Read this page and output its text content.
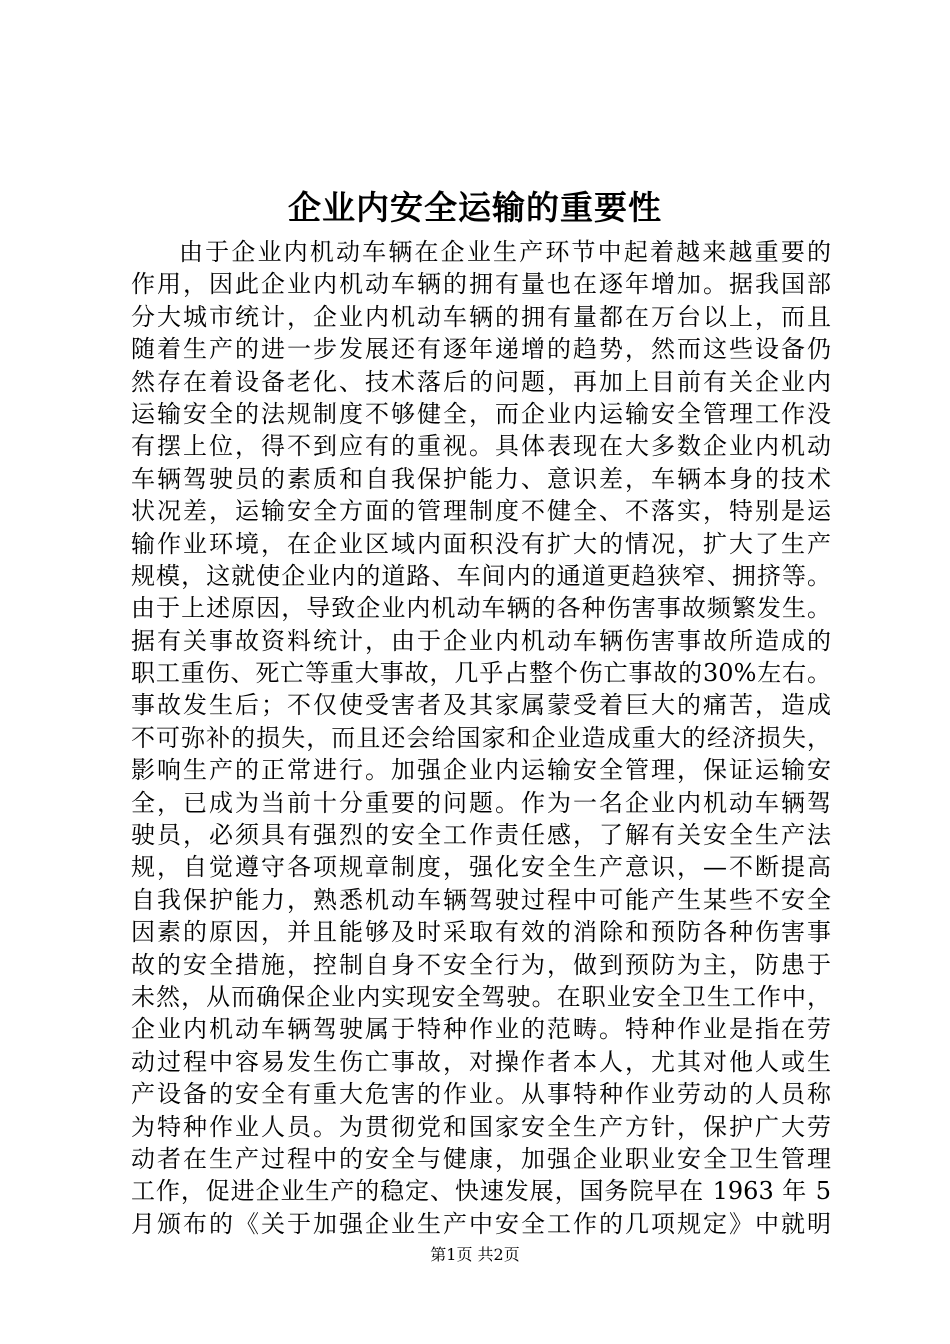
企业内安全运输的重要性
由于企业内机动车辆在企业生产环节中起着越来越重要的
作用，因此企业内机动车辆的拥有量也在逐年增加。据我国部
分大城市统计，企业内机动车辆的拥有量都在万台以上，而且
随着生产的进一步发展还有逐年递增的趋势，然而这些设备仍
然存在着设备老化、技术落后的问题，再加上目前有关企业内
运输安全的法规制度不够健全，而企业内运输安全管理工作没
有摆上位，得不到应有的重视。具体表现在大多数企业内机动
车辆驾驶员的素质和自我保护能力、意识差，车辆本身的技术
状况差，运输安全方面的管理制度不健全、不落实，特别是运
输作业环境，在企业区域内面积没有扩大的情况，扩大了生产
规模，这就使企业内的道路、车间内的通道更趋狭窄、拥挤等。
由于上述原因，导致企业内机动车辆的各种伤害事故频繁发生。
据有关事故资料统计，由于企业内机动车辆伤害事故所造成的
职工重伤、死亡等重大事故，几乎占整个伤亡事故的30%左右。
事故发生后；不仅使受害者及其家属蒙受着巨大的痛苦，造成
不可弥补的损失，而且还会给国家和企业造成重大的经济损失，
影响生产的正常进行。加强企业内运输安全管理，保证运输安
全，已成为当前十分重要的问题。作为一名企业内机动车辆驾
驶员，必须具有强烈的安全工作责任感，了解有关安全生产法
规，自觉遵守各项规章制度，强化安全生产意识，—不断提高
自我保护能力，熟悉机动车辆驾驶过程中可能产生某些不安全
因素的原因，并且能够及时采取有效的消除和预防各种伤害事
故的安全措施，控制自身不安全行为，做到预防为主，防患于
未然，从而确保企业内实现安全驾驶。在职业安全卫生工作中，
企业内机动车辆驾驶属于特种作业的范畴。特种作业是指在劳
动过程中容易发生伤亡事故，对操作者本人，尤其对他人或生
产设备的安全有重大危害的作业。从事特种作业劳动的人员称
为特种作业人员。为贯彻党和国家安全生产方针，保护广大劳
动者在生产过程中的安全与健康，加强企业职业安全卫生管理
工作，促进企业生产的稳定、快速发展，国务院早在 1963 年 5
月颁布的《关于加强企业生产中安全工作的几项规定》中就明
第1页 共2页
